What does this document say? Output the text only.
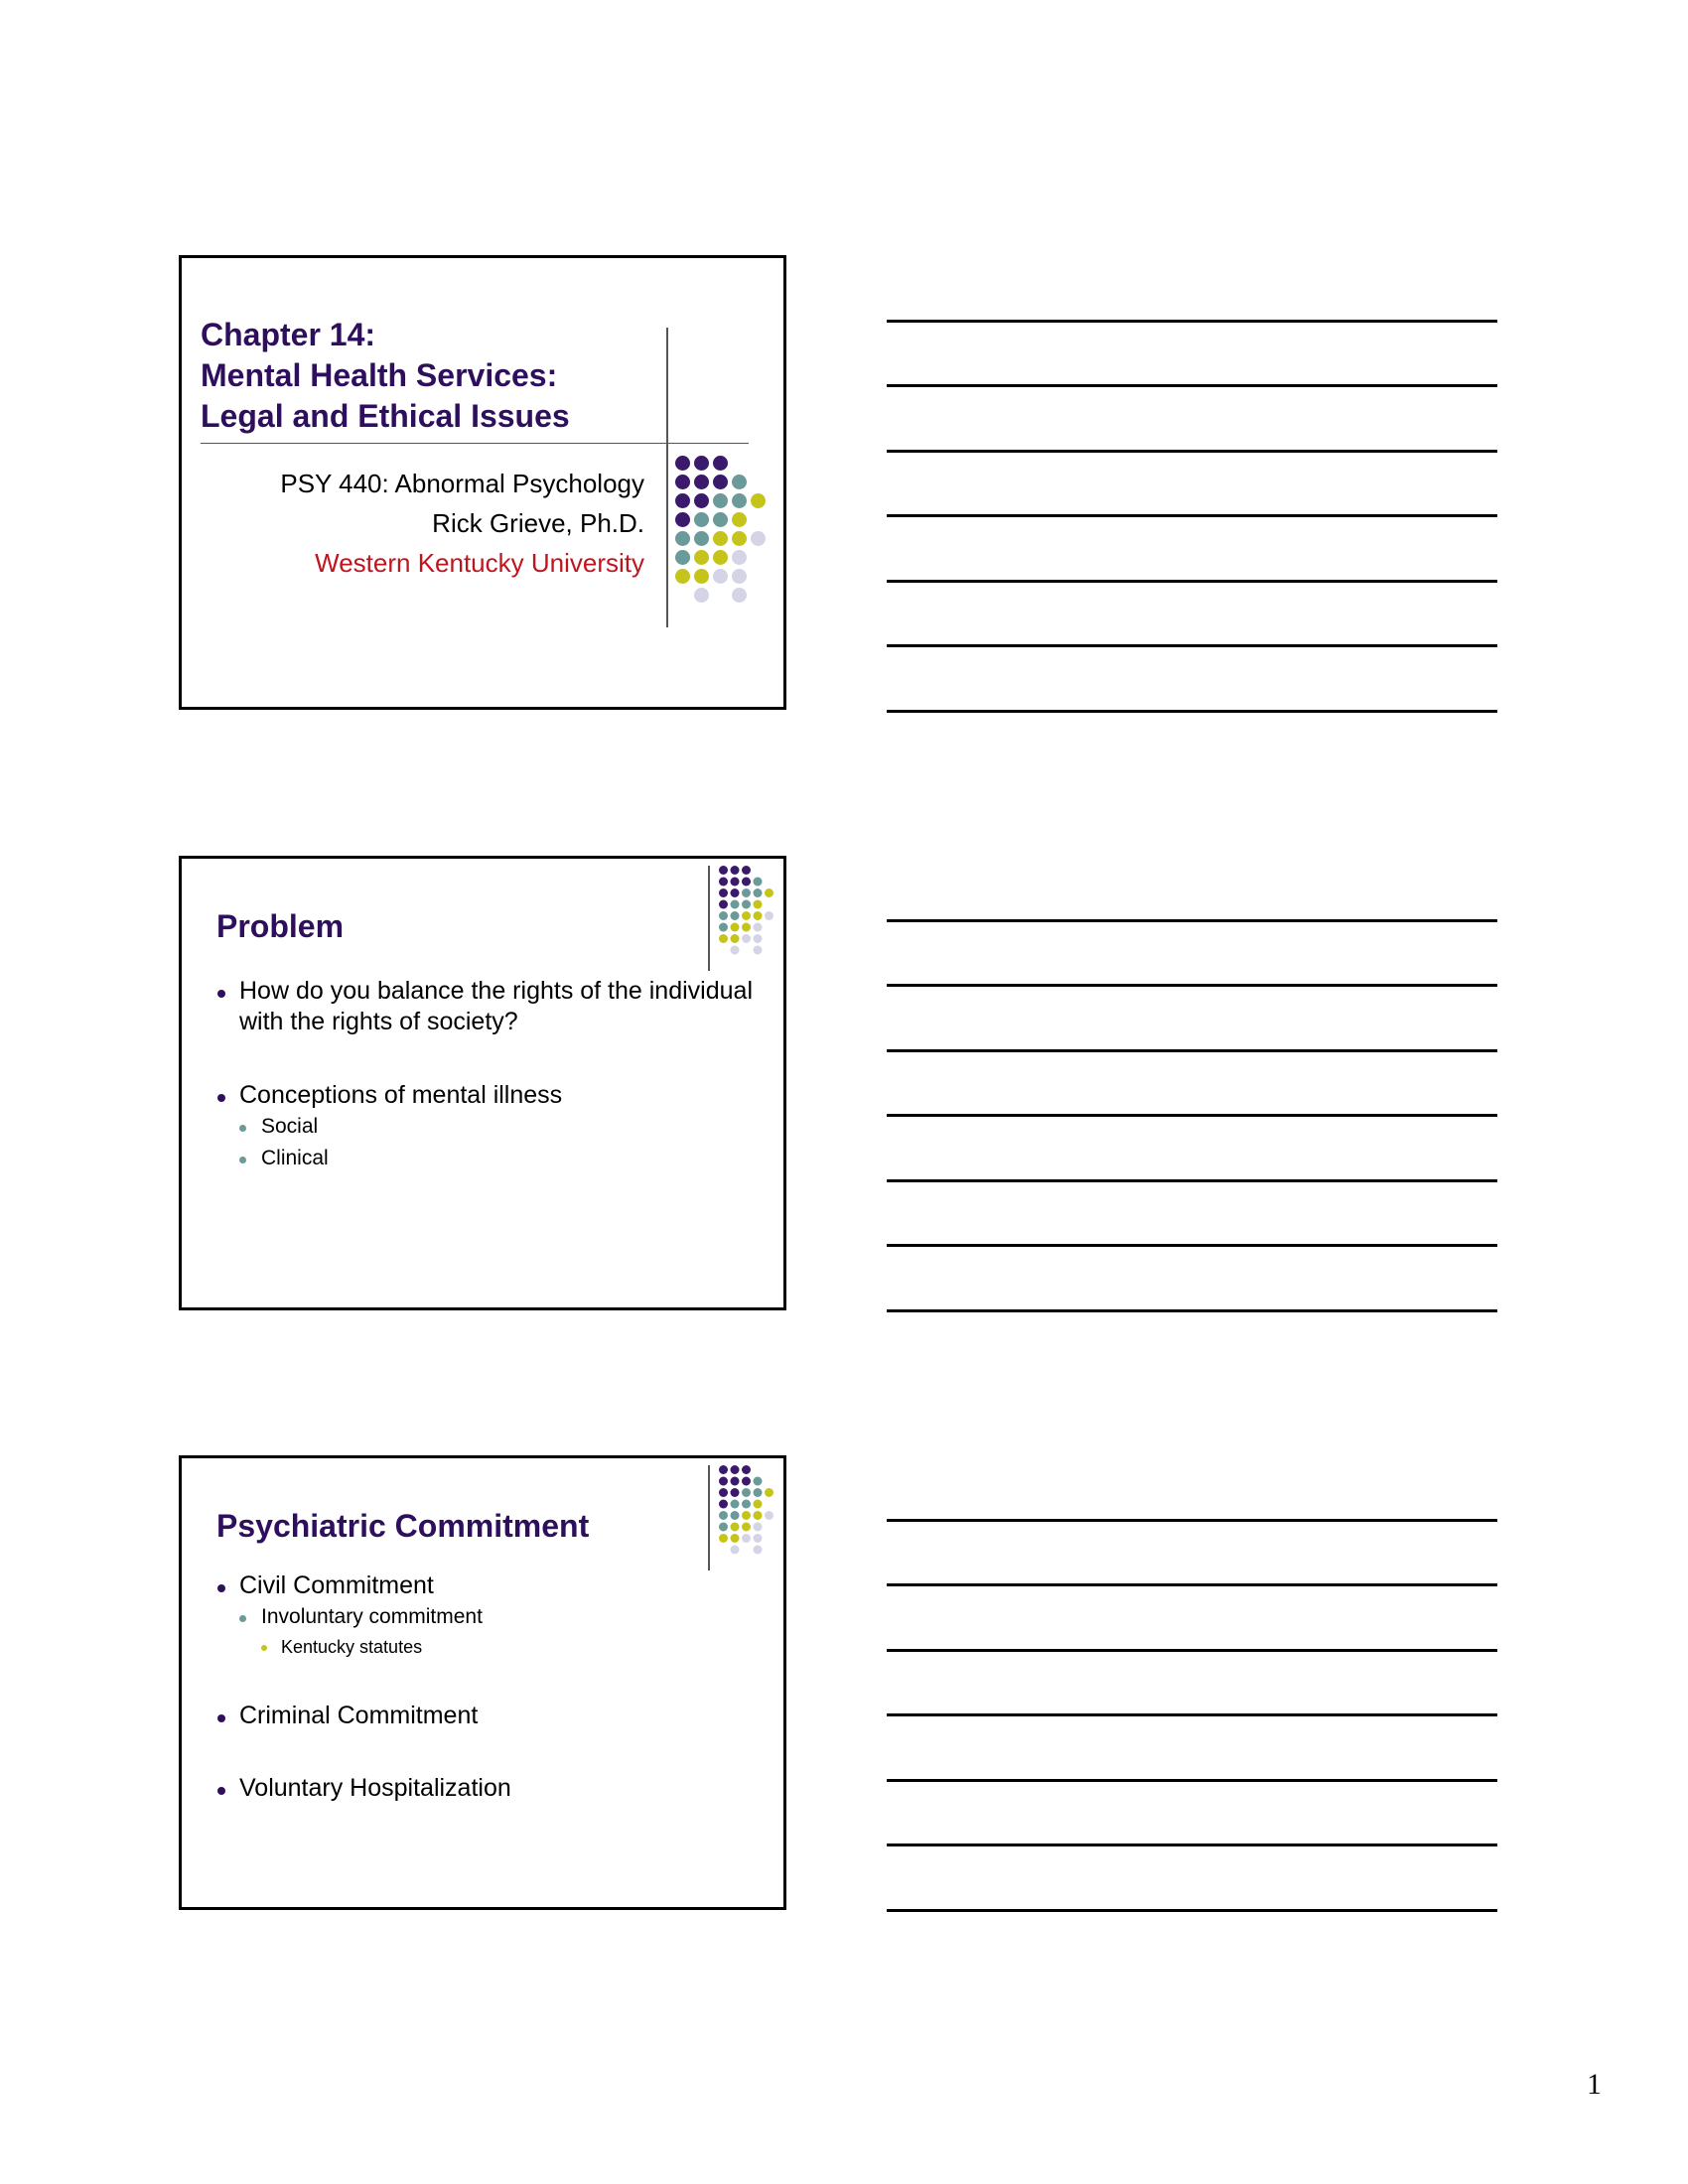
Chapter 14:
Mental Health Services:
Legal and Ethical Issues
PSY 440: Abnormal Psychology
Rick Grieve, Ph.D.
Western Kentucky University
Problem
How do you balance the rights of the individual with the rights of society?
Conceptions of mental illness
Social
Clinical
Psychiatric Commitment
Civil Commitment
Involuntary commitment
Kentucky statutes
Criminal Commitment
Voluntary Hospitalization
1
